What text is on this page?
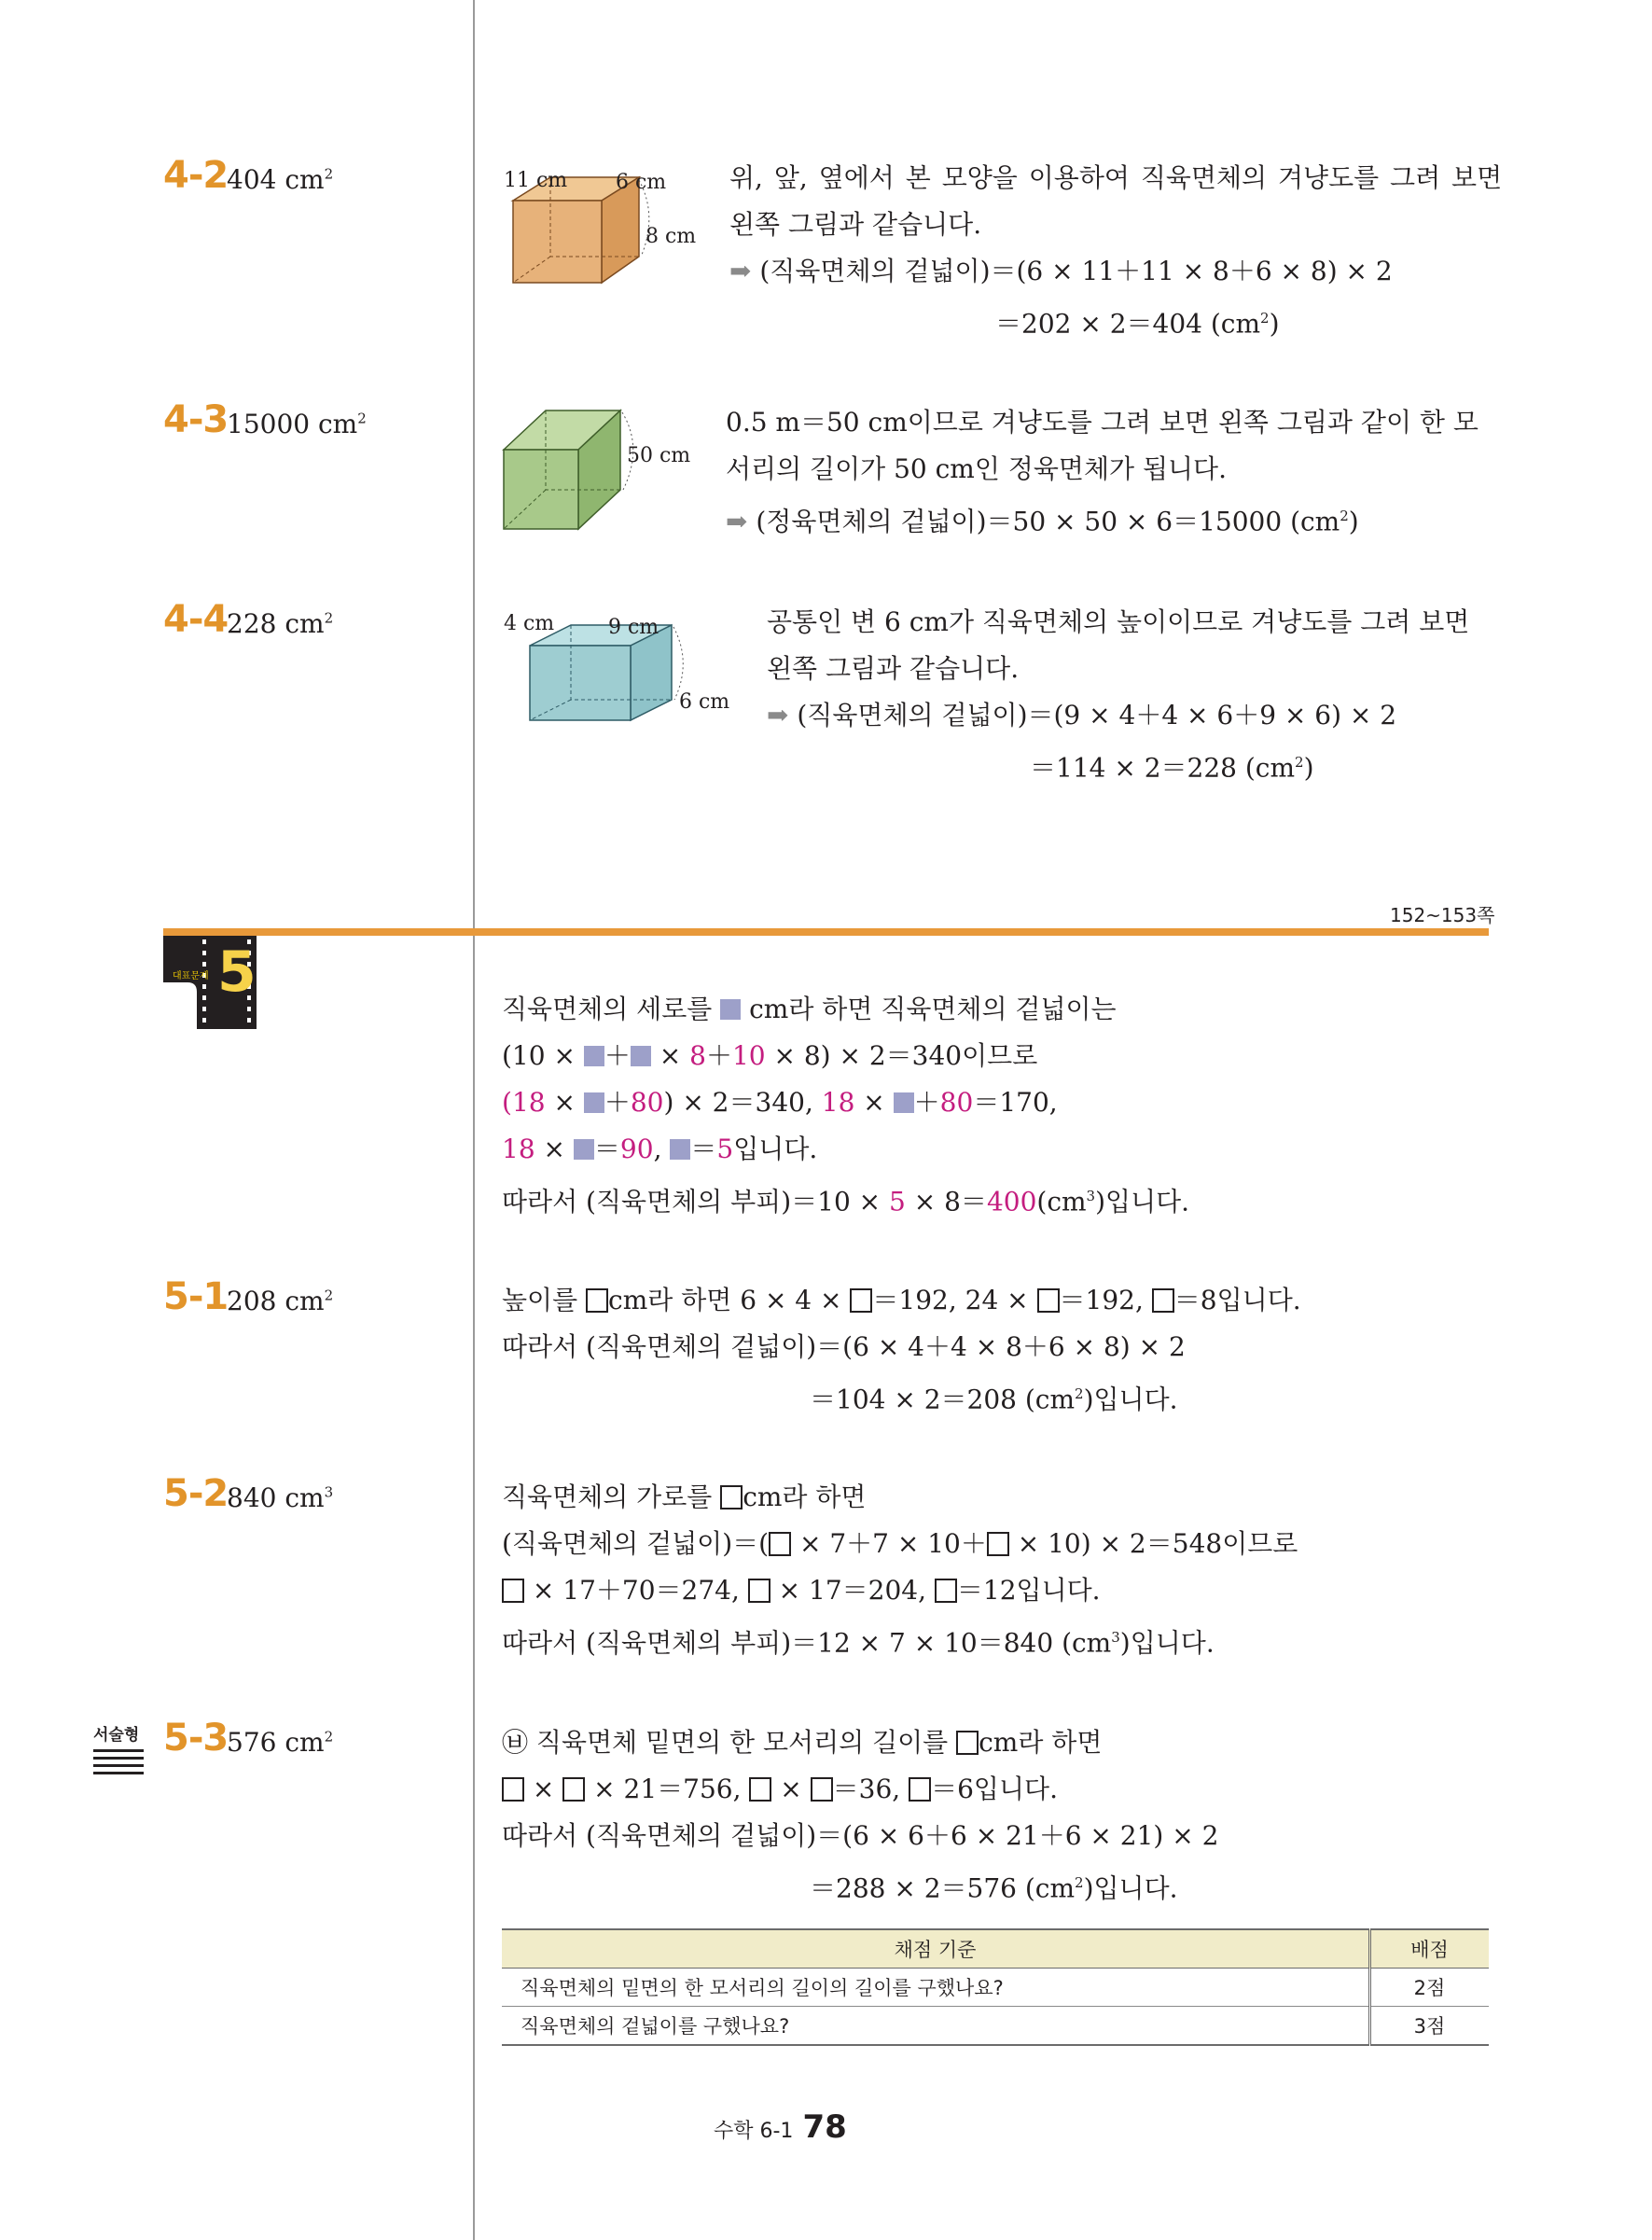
4-2
404 $cm^2$	11 cm 6 cm
8 cm
위, 앞, 옆에서 본 모양을 이용하여 직육면체의 겨냥도를 그려 보면
왼쪽 그림과 같습니다.
➡ (직육면체의 겉넓이)＝(6 × 11＋11 × 8＋6 × 8) × 2
＝202 × 2＝404 $(cm^2)$
4-3
15000 $cm^2$
50 cm
0.5 m＝50 cm이므로 겨냥도를 그려 보면 왼쪽 그림과 같이 한 모
서리의 길이가 50 cm인 정육면체가 됩니다.
➡ (정육면체의 겉넓이)＝50 × 50 × 6＝15000 $(cm^2)$
4-4
228 $cm^2$	4 cm	9 cm
6 cm
공통인 변 6 cm가 직육면체의 높이이므로 겨냥도를 그려 보면
왼쪽 그림과 같습니다.
➡ (직육면체의 겉넓이)＝(9 × 4＋4 × 6＋9 × 6) × 2
＝114 × 2＝228 $(cm^2)$
152~153쪽
대표문제 5
직육면체의 세로를  cm라 하면 직육면체의 겉넓이는
(10 × ＋ × 8＋10 × 8) × 2＝340이므로
(18 × ＋80) × 2＝340, 18 × ＋80＝170,
18 × ＝90, ＝5입니다.
따라서 (직육면체의 부피)$=10 \times 5 \times 8=400(cm^3)$입니다.
5-1
208 $cm^2$	높이를 cm라 하면 6 × 4 × ＝192, 24 × ＝192, ＝8입니다.
따라서 (직육면체의 겉넓이)＝(6 × 4＋4 × 8＋6 × 8) × 2
＝104 × 2＝208 $(cm^2)$입니다.
5-2
840 $cm^3$	직육면체의 가로를 cm라 하면
(직육면체의 겉넓이)＝( × 7＋7 × 10＋ × 10) × 2＝548이므로
× 17＋70＝274,  × 17＝204, ＝12입니다.
따라서 (직육면체의 부피)＝12 × 7 × 10＝840 $(cm^3)$입니다.
서술형 5-3
576 $cm^2$	㉥ 직육면체 밑면의 한 모서리의 길이를 cm라 하면
×  × 21＝756,  × ＝36, ＝6입니다.
따라서 (직육면체의 겉넓이)＝(6 × 6＋6 × 21＋6 × 21) × 2
＝288 × 2＝576 $(cm^2)$입니다.
채점 기준	배점
직육면체의 밑면의 한 모서리의 길이의 길이를 구했나요?	2점
직육면체의 겉넓이를 구했나요?	3점
수학 6-1 78
